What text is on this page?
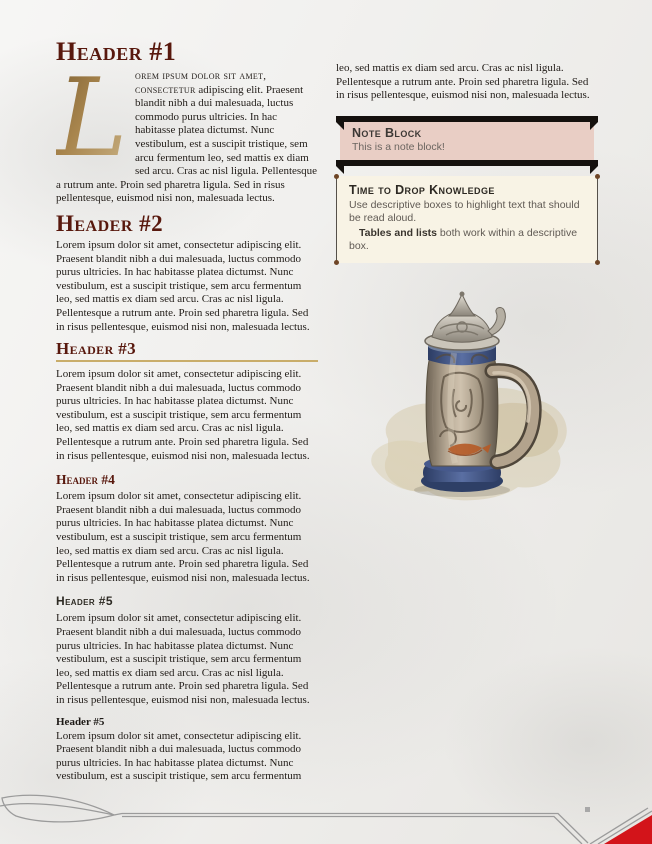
Header #1

L orem ipsum dolor sit amet, consectetur adipiscing elit. Praesent blandit nibh a dui malesuada, luctus commodo purus ultricies. In hac habitasse platea dictumst. Nunc vestibulum, est a suscipit tristique, sem arcu fermentum leo, sed mattis ex diam sed arcu. Cras ac nisl ligula. Pellentesque a rutrum ante. Proin sed pharetra ligula. Sed in risus pellentesque, euismod nisi non, malesuada lectus.

Header #2

Lorem ipsum dolor sit amet, consectetur adipiscing elit. Praesent blandit nibh a dui malesuada, luctus commodo purus ultricies. In hac habitasse platea dictumst. Nunc vestibulum, est a suscipit tristique, sem arcu fermentum leo, sed mattis ex diam sed arcu. Cras ac nisl ligula. Pellentesque a rutrum ante. Proin sed pharetra ligula. Sed in risus pellentesque, euismod nisi non, malesuada lectus.

Header #3

Lorem ipsum dolor sit amet, consectetur adipiscing elit. Praesent blandit nibh a dui malesuada, luctus commodo purus ultricies. In hac habitasse platea dictumst. Nunc vestibulum, est a suscipit tristique, sem arcu fermentum leo, sed mattis ex diam sed arcu. Cras ac nisl ligula. Pellentesque a rutrum ante. Proin sed pharetra ligula. Sed in risus pellentesque, euismod nisi non, malesuada lectus.

Header #4

Lorem ipsum dolor sit amet, consectetur adipiscing elit. Praesent blandit nibh a dui malesuada, luctus commodo purus ultricies. In hac habitasse platea dictumst. Nunc vestibulum, est a suscipit tristique, sem arcu fermentum leo, sed mattis ex diam sed arcu. Cras ac nisl ligula. Pellentesque a rutrum ante. Proin sed pharetra ligula. Sed in risus pellentesque, euismod nisi non, malesuada lectus.

Header #5

Lorem ipsum dolor sit amet, consectetur adipiscing elit. Praesent blandit nibh a dui malesuada, luctus commodo purus ultricies. In hac habitasse platea dictumst. Nunc vestibulum, est a suscipit tristique, sem arcu fermentum leo, sed mattis ex diam sed arcu. Cras ac nisl ligula. Pellentesque a rutrum ante. Proin sed pharetra ligula. Sed in risus pellentesque, euismod nisi non, malesuada lectus.

Header #5

Lorem ipsum dolor sit amet, consectetur adipiscing elit. Praesent blandit nibh a dui malesuada, luctus commodo purus ultricies. In hac habitasse platea dictumst. Nunc vestibulum, est a suscipit tristique, sem arcu fermentum

leo, sed mattis ex diam sed arcu. Cras ac nisl ligula. Pellentesque a rutrum ante. Proin sed pharetra ligula. Sed in risus pellentesque, euismod nisi non, malesuada lectus.

Note Block
This is a note block!
Time to Drop Knowledge
Use descriptive boxes to highlight text that should be read aloud.
Tables and lists both work within a descriptive box.
